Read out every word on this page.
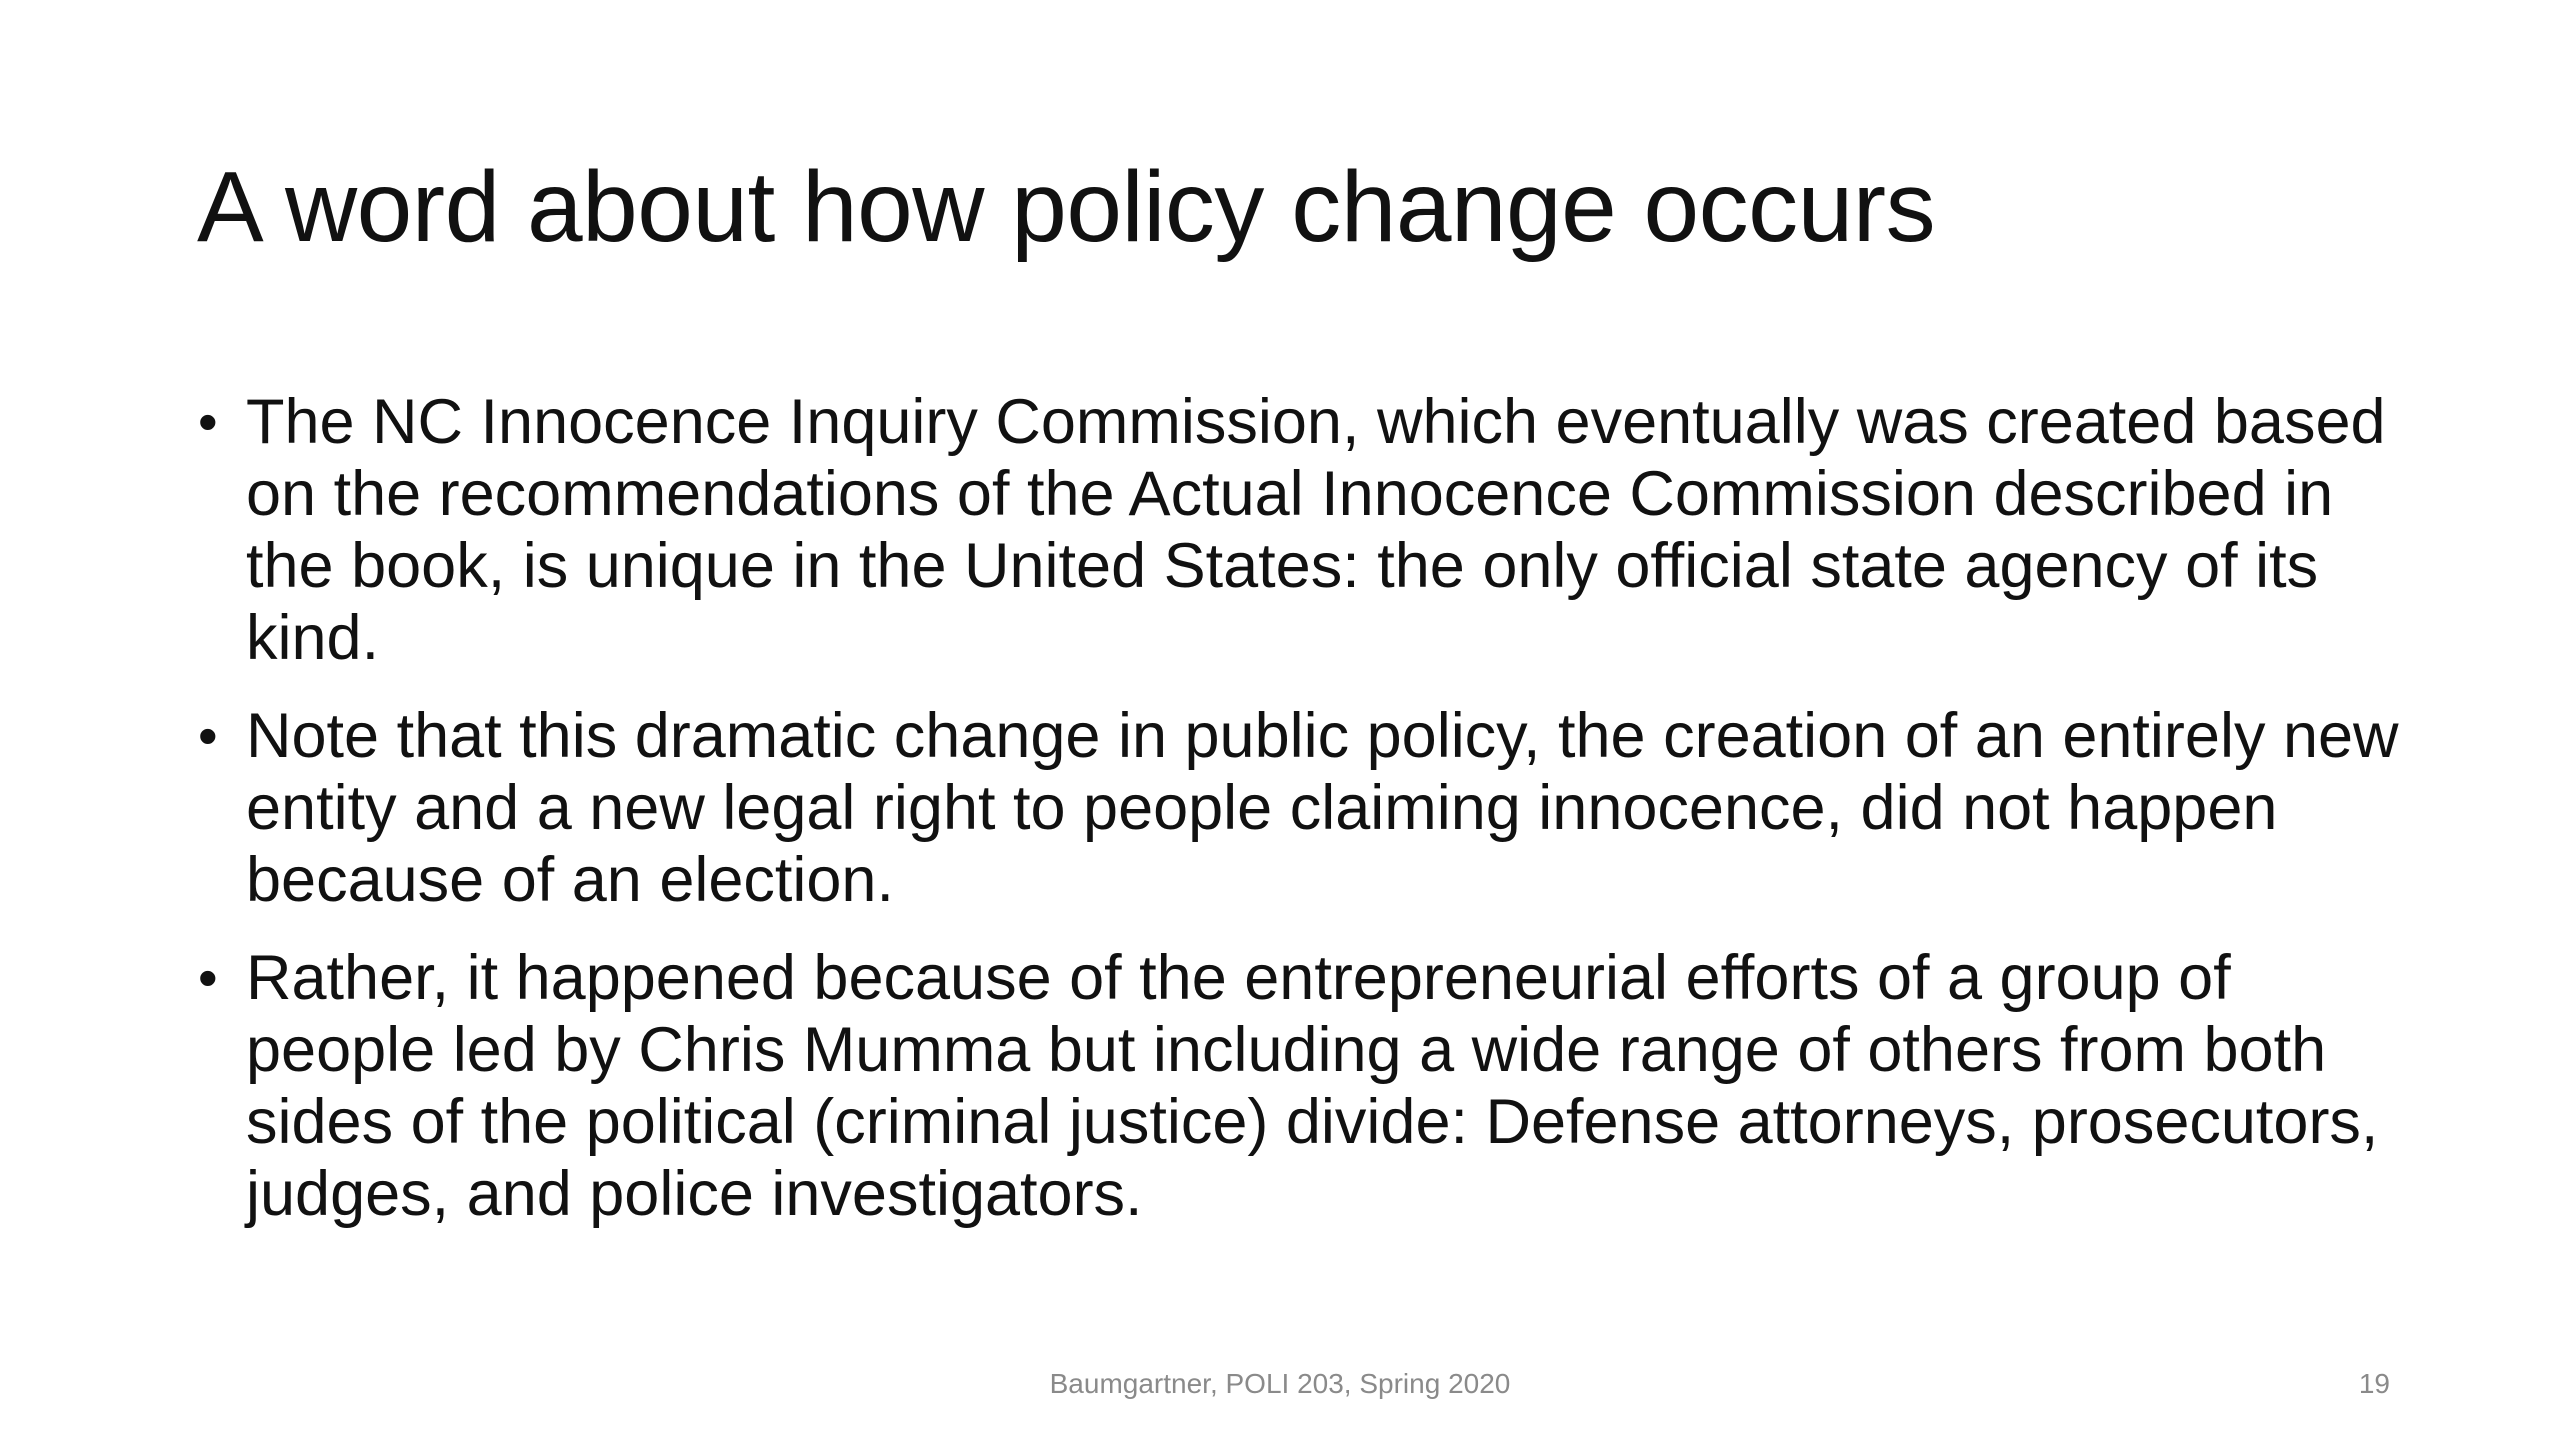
A word about how policy change occurs
• The NC Innocence Inquiry Commission, which eventually was created based on the recommendations of the Actual Innocence Commission described in the book, is unique in the United States: the only official state agency of its kind.
• Note that this dramatic change in public policy, the creation of an entirely new entity and a new legal right to people claiming innocence, did not happen because of an election.
• Rather, it happened because of the entrepreneurial efforts of a group of people led by Chris Mumma but including a wide range of others from both sides of the political (criminal justice) divide: Defense attorneys, prosecutors, judges, and police investigators.
Baumgartner, POLI 203, Spring 2020	19
